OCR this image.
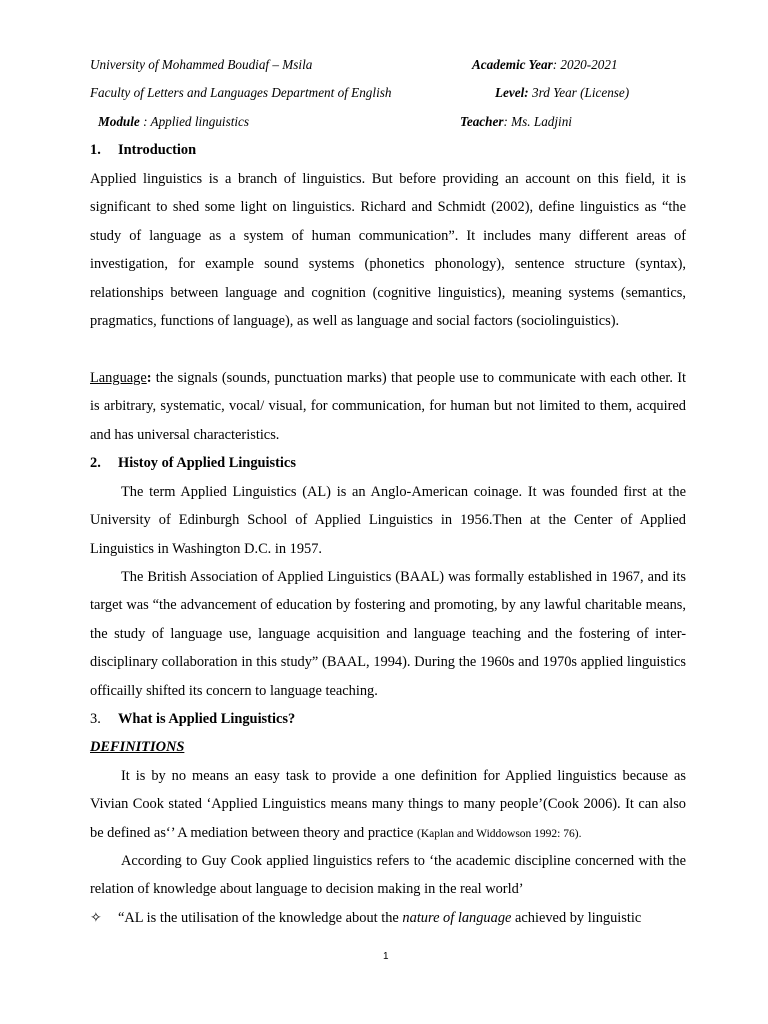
University of Mohammed Boudiaf – Msila	Academic Year: 2020-2021
Faculty of Letters and Languages Department of English	Level: 3rd Year (License)
Module : Applied linguistics	Teacher: Ms. Ladjini
1. Introduction

Applied linguistics is a branch of linguistics. But before providing an account on this field, it is significant to shed some light on linguistics. Richard and Schmidt (2002), define linguistics as “the study of language as a system of human communication”. It includes many different areas of investigation, for example sound systems (phonetics phonology), sentence structure (syntax), relationships between language and cognition (cognitive linguistics), meaning systems (semantics, pragmatics, functions of language), as well as language and social factors (sociolinguistics).

Language: the signals (sounds, punctuation marks) that people use to communicate with each other. It is arbitrary, systematic, vocal/ visual, for communication, for human but not limited to them, acquired and has universal characteristics.

2. Histoy of Applied Linguistics

The term Applied Linguistics (AL) is an Anglo-American coinage. It was founded first at the University of Edinburgh School of Applied Linguistics in 1956.Then at the Center of Applied Linguistics in Washington D.C. in 1957.

The British Association of Applied Linguistics (BAAL) was formally established in 1967, and its target was “the advancement of education by fostering and promoting, by any lawful charitable means, the study of language use, language acquisition and language teaching and the fostering of inter-disciplinary collaboration in this study” (BAAL, 1994). During the 1960s and 1970s applied linguistics officailly shifted its concern to language teaching.

3. What is Applied Linguistics?
DEFINITIONS

It is by no means an easy task to provide a one definition for Applied linguistics because as Vivian Cook stated ‘Applied Linguistics means many things to many people’(Cook 2006). It can also be defined as‘’ A mediation between theory and practice (Kaplan and Widdowson 1992: 76).

According to Guy Cook applied linguistics refers to ‘the academic discipline concerned with the relation of knowledge about language to decision making in the real world’

✧ “AL is the utilisation of the knowledge about the nature of language achieved by linguistic
1
